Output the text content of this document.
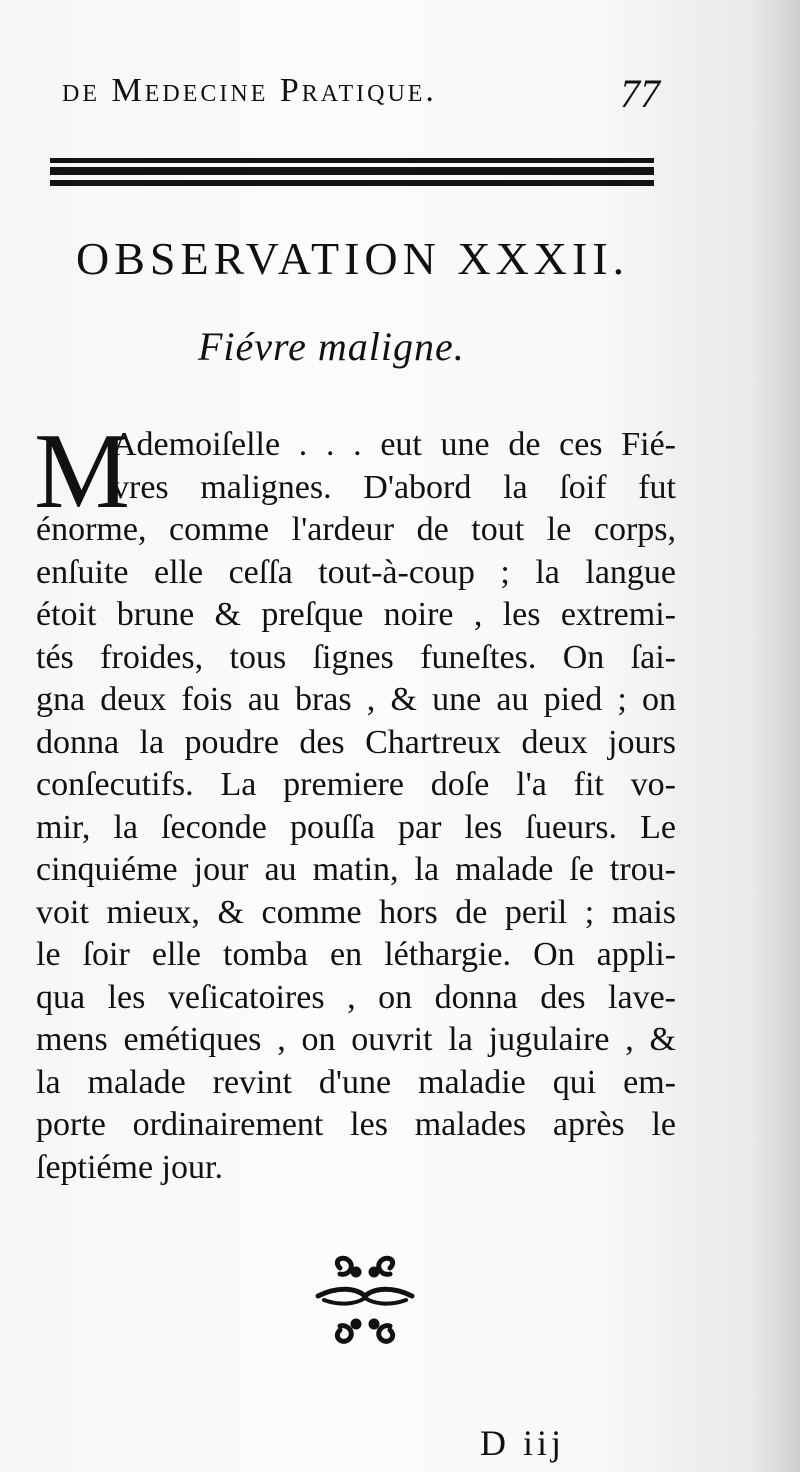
de Medecine Pratique.	77
OBSERVATION XXXII.
Fiévre maligne.
M
Ademoiſelle . . . eut une de ces Fié-
vres malignes. D'abord la ſoif fut
énorme, comme l'ardeur de tout le corps,
enſuite elle ceſſa tout-à-coup ; la langue
étoit brune & preſque noire , les extremi-
tés froides, tous ſignes funeſtes. On ſai-
gna deux fois au bras , & une au pied ; on
donna la poudre des Chartreux deux jours
conſecutifs. La premiere doſe l'a fit vo-
mir, la ſeconde pouſſa par les ſueurs. Le
cinquiéme jour au matin, la malade ſe trou-
voit mieux, & comme hors de peril ; mais
le ſoir elle tomba en léthargie. On appli-
qua les veſicatoires , on donna des lave-
mens emétiques , on ouvrit la jugulaire , &
la malade revint d'une maladie qui em-
porte ordinairement les malades après le
ſeptiéme jour.
D iij
